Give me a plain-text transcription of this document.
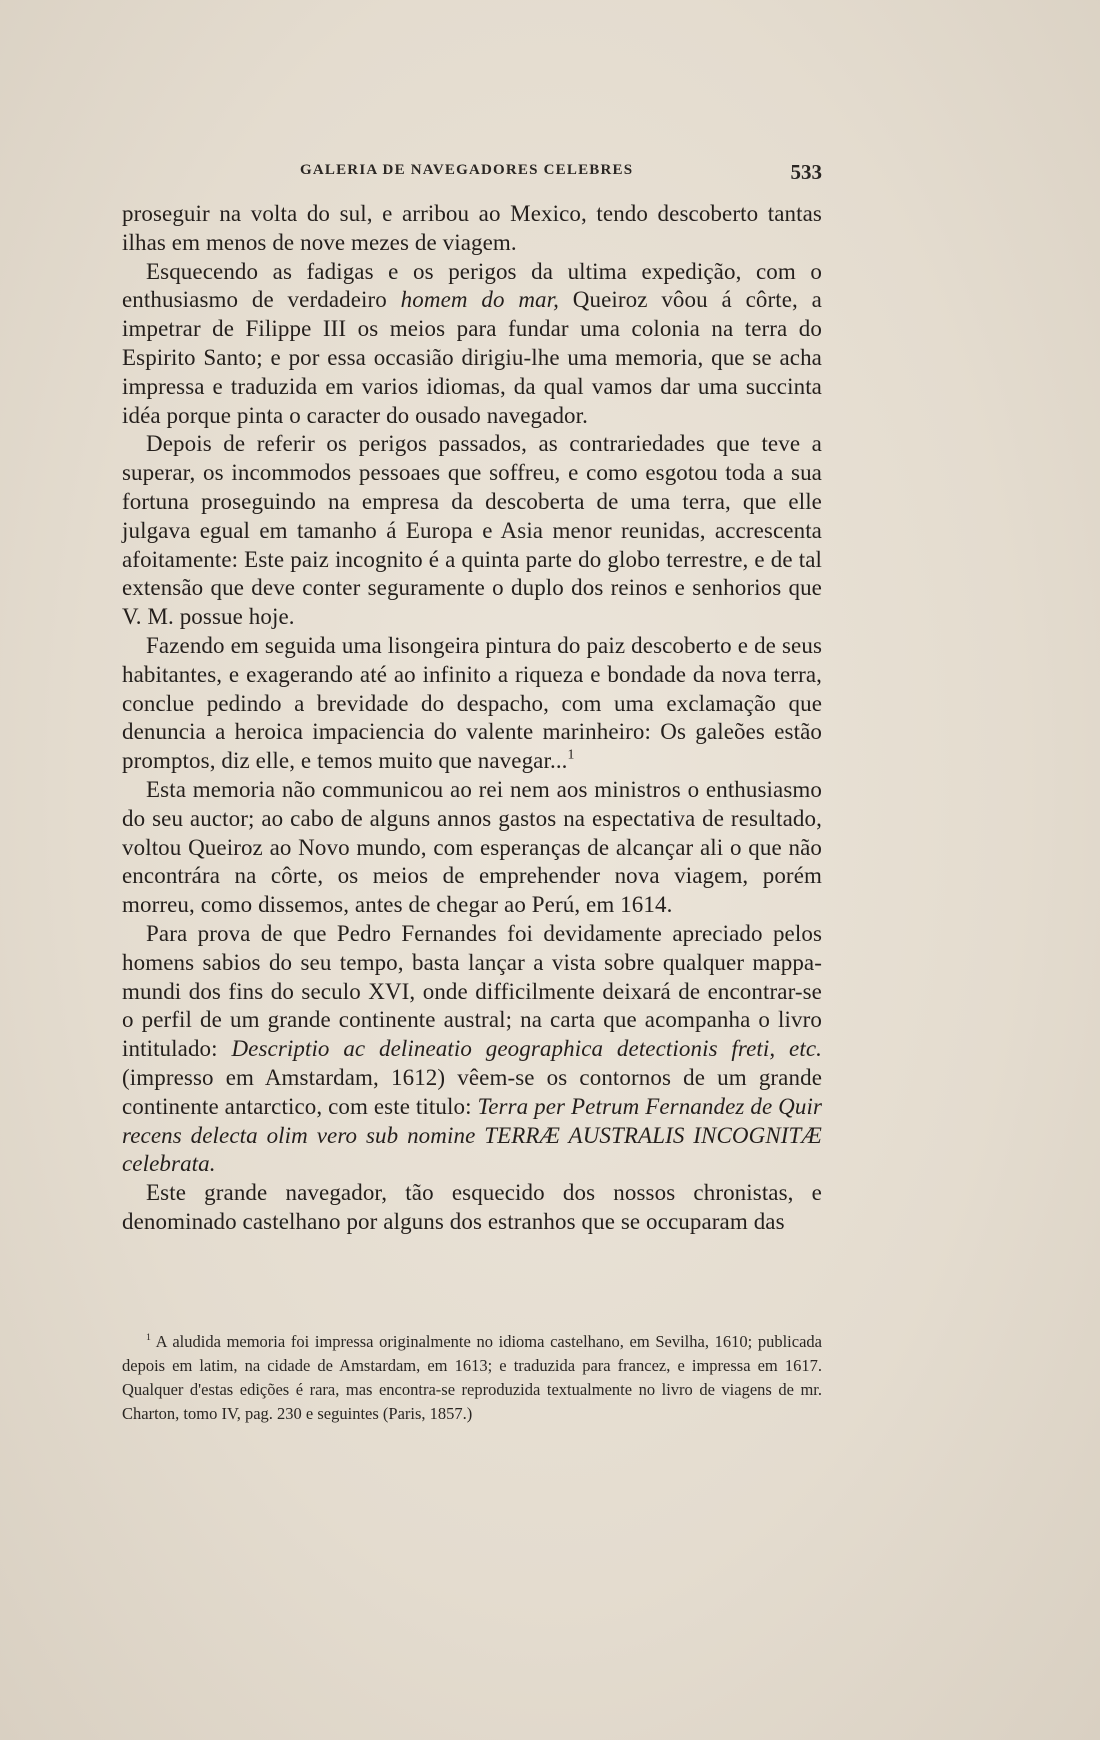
GALERIA DE NAVEGADORES CELEBRES	533

proseguir na volta do sul, e arribou ao Mexico, tendo descoberto tantas ilhas em menos de nove mezes de viagem.

Esquecendo as fadigas e os perigos da ultima expedição, com o enthusiasmo de verdadeiro homem do mar, Queiroz vôou á côrte, a impetrar de Filippe III os meios para fundar uma colonia na terra do Espirito Santo; e por essa occasião dirigiu-lhe uma memoria, que se acha impressa e traduzida em varios idiomas, da qual vamos dar uma succinta idéa porque pinta o caracter do ousado navegador.

Depois de referir os perigos passados, as contrariedades que teve a superar, os incommodos pessoaes que soffreu, e como esgotou toda a sua fortuna proseguindo na empresa da descoberta de uma terra, que elle julgava egual em tamanho á Europa e Asia menor reunidas, accrescenta afoitamente: Este paiz incognito é a quinta parte do globo terrestre, e de tal extensão que deve conter seguramente o duplo dos reinos e senhorios que V. M. possue hoje.

Fazendo em seguida uma lisongeira pintura do paiz descoberto e de seus habitantes, e exagerando até ao infinito a riqueza e bondade da nova terra, conclue pedindo a brevidade do despacho, com uma exclamação que denuncia a heroica impaciencia do valente marinheiro: Os galeões estão promptos, diz elle, e temos muito que navegar...$^1$

Esta memoria não communicou ao rei nem aos ministros o enthusiasmo do seu auctor; ao cabo de alguns annos gastos na espectativa de resultado, voltou Queiroz ao Novo mundo, com esperanças de alcançar ali o que não encontrára na côrte, os meios de emprehender nova viagem, porém morreu, como dissemos, antes de chegar ao Perú, em 1614.

Para prova de que Pedro Fernandes foi devidamente apreciado pelos homens sabios do seu tempo, basta lançar a vista sobre qualquer mappa-mundi dos fins do seculo XVI, onde difficilmente deixará de encontrar-se o perfil de um grande continente austral; na carta que acompanha o livro intitulado: Descriptio ac delineatio geographica detectionis freti, etc. (impresso em Amstardam, 1612) vêem-se os contornos de um grande continente antarctico, com este titulo: Terra per Petrum Fernandez de Quir recens delecta olim vero sub nomine TERRÆ AUSTRALIS INCOGNITÆ celebrata.

Este grande navegador, tão esquecido dos nossos chronistas, e denominado castelhano por alguns dos estranhos que se occuparam das

$^1$ A aludida memoria foi impressa originalmente no idioma castelhano, em Sevilha, 1610; publicada depois em latim, na cidade de Amstardam, em 1613; e traduzida para francez, e impressa em 1617. Qualquer d'estas edições é rara, mas encontra-se reproduzida textualmente no livro de viagens de mr. Charton, tomo IV, pag. 230 e seguintes (Paris, 1857.)
